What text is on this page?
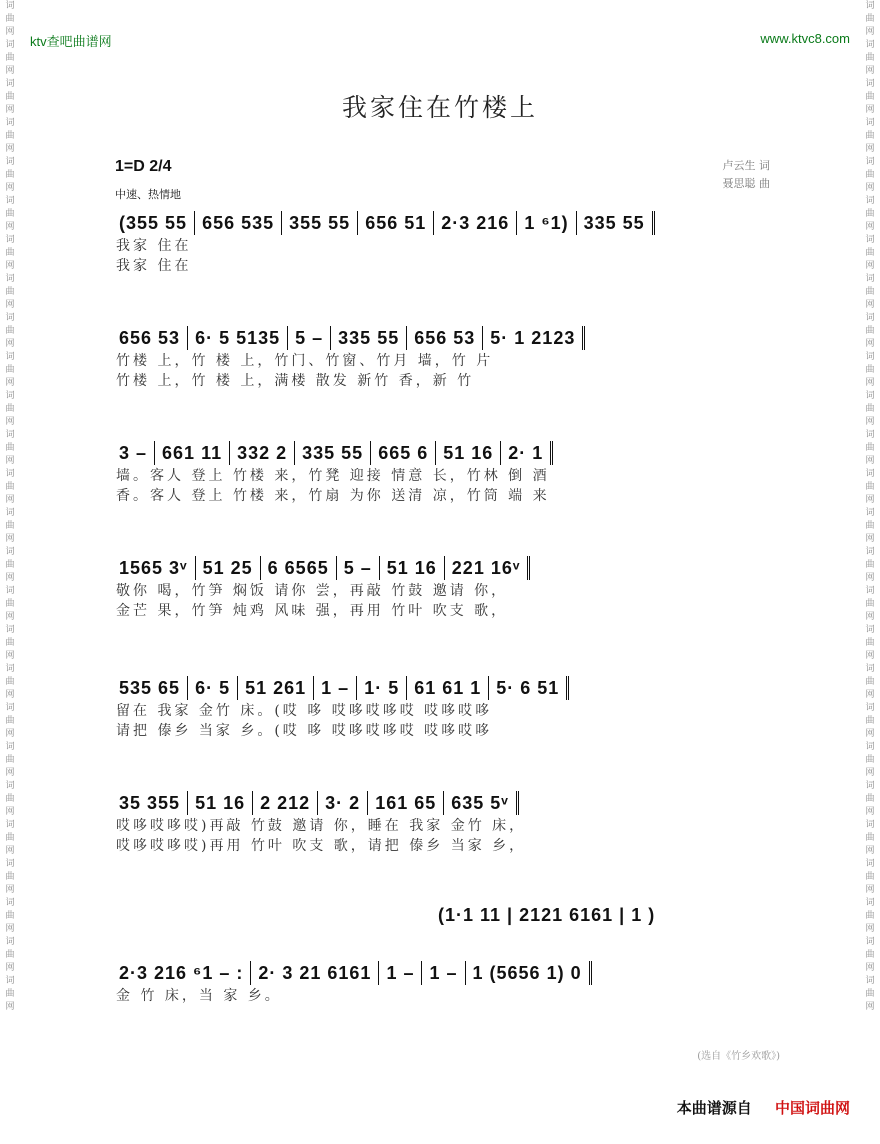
词
曲
网
词
曲
网
词
曲
网
词
曲
网
词
曲
网
词
曲
网
词
曲
网
词
曲
网
词
曲
网
词
曲
网
词
曲
网
词
曲
网
词
曲
网
词
曲
网
词
曲
网
词
曲
网
词
曲
网
词
曲
网
词
曲
网
词
曲
网
词
曲
网
词
曲
网
词
曲
网
词
曲
网
词
曲
网
词
曲
网
词
曲
网
词
曲
网
词
曲
网
词
曲
网
词
曲
网
词
曲
网
词
曲
网
词
曲
网
词
曲
网
词
曲
网
词
曲
网
词
曲
网
词
曲
网
词
曲
网
词
曲
网
词
曲
网
词
曲
网
词
曲
网
词
曲
网
词
曲
网
词
曲
网
词
曲
网
词
曲
网
词
曲
网
词
曲
网
词
曲
网
ktv查吧曲谱网	www.ktvc8.com
我家住在竹楼上
1=D 2/4
中速、热情地
卢云生 词
聂思聪 曲
(355 55 656 535 355 55 656 51 2·3 216 1 ⁶1) 335 55
我家 住在
我家 住在
656 53 6· 5 5135 5 – 335 55 656 53 5· 1 2123
竹楼 上，竹 楼 上，竹门、竹窗、竹月 墙，竹 片
竹楼 上，竹 楼 上，满楼 散发 新竹 香，新 竹
3 – 661 11 332 2 335 55 665 6 51 16 2· 1
墙。客人 登上 竹楼 来，竹凳 迎接 情意 长，竹林 倒 酒
香。客人 登上 竹楼 来，竹扇 为你 送清 凉，竹筒 端 来
1565 3ᵛ 51 25 6 6565 5 – 51 16 221 16ᵛ
敬你 喝，竹笋 焖饭 请你 尝，再敲 竹鼓 邀请 你，
金芒 果，竹笋 炖鸡 风味 强，再用 竹叶 吹支 歌，
535 65 6· 5 51 261 1 – 1· 5 61 61 1 5· 6 51
留在 我家 金竹 床。(哎 哆 哎哆哎哆哎 哎哆哎哆
请把 傣乡 当家 乡。(哎 哆 哎哆哎哆哎 哎哆哎哆
35 355 51 16 2 212 3· 2 161 65 635 5ᵛ
哎哆哎哆哎)再敲 竹鼓 邀请 你，睡在 我家 金竹 床，
哎哆哎哆哎)再用 竹叶 吹支 歌，请把 傣乡 当家 乡，
2·3 216 ⁶1 – : 2· 3 21 6161 1 – 1 – 1 (5656 1) 0
金 竹 床，当 家 乡。
(1·1 11 | 2121 6161 | 1 )
(选自《竹乡欢歌》)
本曲谱源自 中国词曲网
